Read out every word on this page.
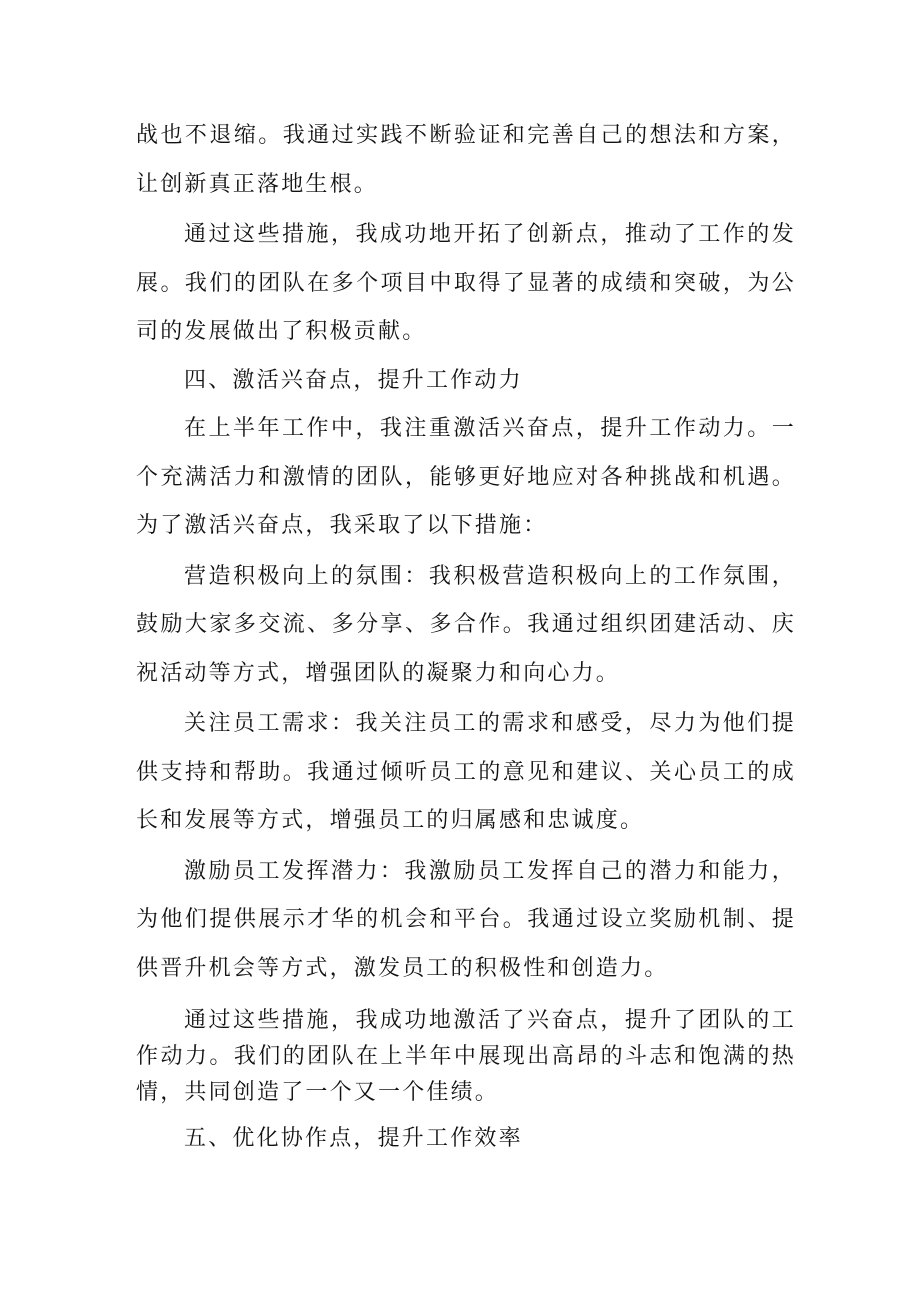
战也不退缩。我通过实践不断验证和完善自己的想法和方案，让创新真正落地生根。

通过这些措施，我成功地开拓了创新点，推动了工作的发展。我们的团队在多个项目中取得了显著的成绩和突破，为公司的发展做出了积极贡献。

四、激活兴奋点，提升工作动力

在上半年工作中，我注重激活兴奋点，提升工作动力。一个充满活力和激情的团队，能够更好地应对各种挑战和机遇。为了激活兴奋点，我采取了以下措施：

营造积极向上的氛围：我积极营造积极向上的工作氛围，鼓励大家多交流、多分享、多合作。我通过组织团建活动、庆祝活动等方式，增强团队的凝聚力和向心力。

关注员工需求：我关注员工的需求和感受，尽力为他们提供支持和帮助。我通过倾听员工的意见和建议、关心员工的成长和发展等方式，增强员工的归属感和忠诚度。

激励员工发挥潜力：我激励员工发挥自己的潜力和能力，为他们提供展示才华的机会和平台。我通过设立奖励机制、提供晋升机会等方式，激发员工的积极性和创造力。

通过这些措施，我成功地激活了兴奋点，提升了团队的工作动力。我们的团队在上半年中展现出高昂的斗志和饱满的热情，共同创造了一个又一个佳绩。

五、优化协作点，提升工作效率
